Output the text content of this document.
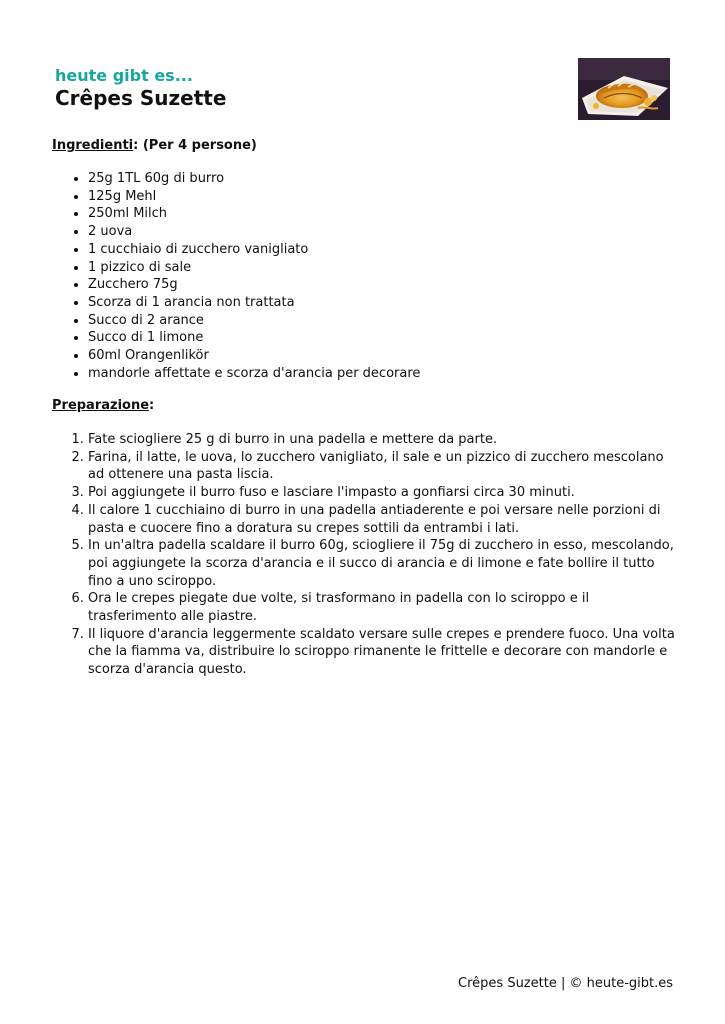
heute gibt es...
Crêpes Suzette

Ingredienti: (Per 4 persone)

• 25g 1TL 60g di burro
• 125g Mehl
• 250ml Milch
• 2 uova
• 1 cucchiaio di zucchero vanigliato
• 1 pizzico di sale
• Zucchero 75g
• Scorza di 1 arancia non trattata
• Succo di 2 arance
• Succo di 1 limone
• 60ml Orangenlikör
• mandorle affettate e scorza d'arancia per decorare

Preparazione:

1. Fate sciogliere 25 g di burro in una padella e mettere da parte.
2. Farina, il latte, le uova, lo zucchero vanigliato, il sale e un pizzico di zucchero mescolano ad ottenere una pasta liscia.
3. Poi aggiungete il burro fuso e lasciare l'impasto a gonfiarsi circa 30 minuti.
4. Il calore 1 cucchiaino di burro in una padella antiaderente e poi versare nelle porzioni di pasta e cuocere fino a doratura su crepes sottili da entrambi i lati.
5. In un'altra padella scaldare il burro 60g, sciogliere il 75g di zucchero in esso, mescolando, poi aggiungete la scorza d'arancia e il succo di arancia e di limone e fate bollire il tutto fino a uno sciroppo.
6. Ora le crepes piegate due volte, si trasformano in padella con lo sciroppo e il trasferimento alle piastre.
7. Il liquore d'arancia leggermente scaldato versare sulle crepes e prendere fuoco. Una volta che la fiamma va, distribuire lo sciroppo rimanente le frittelle e decorare con mandorle e scorza d'arancia questo.
Crêpes Suzette | © heute-gibt.es
